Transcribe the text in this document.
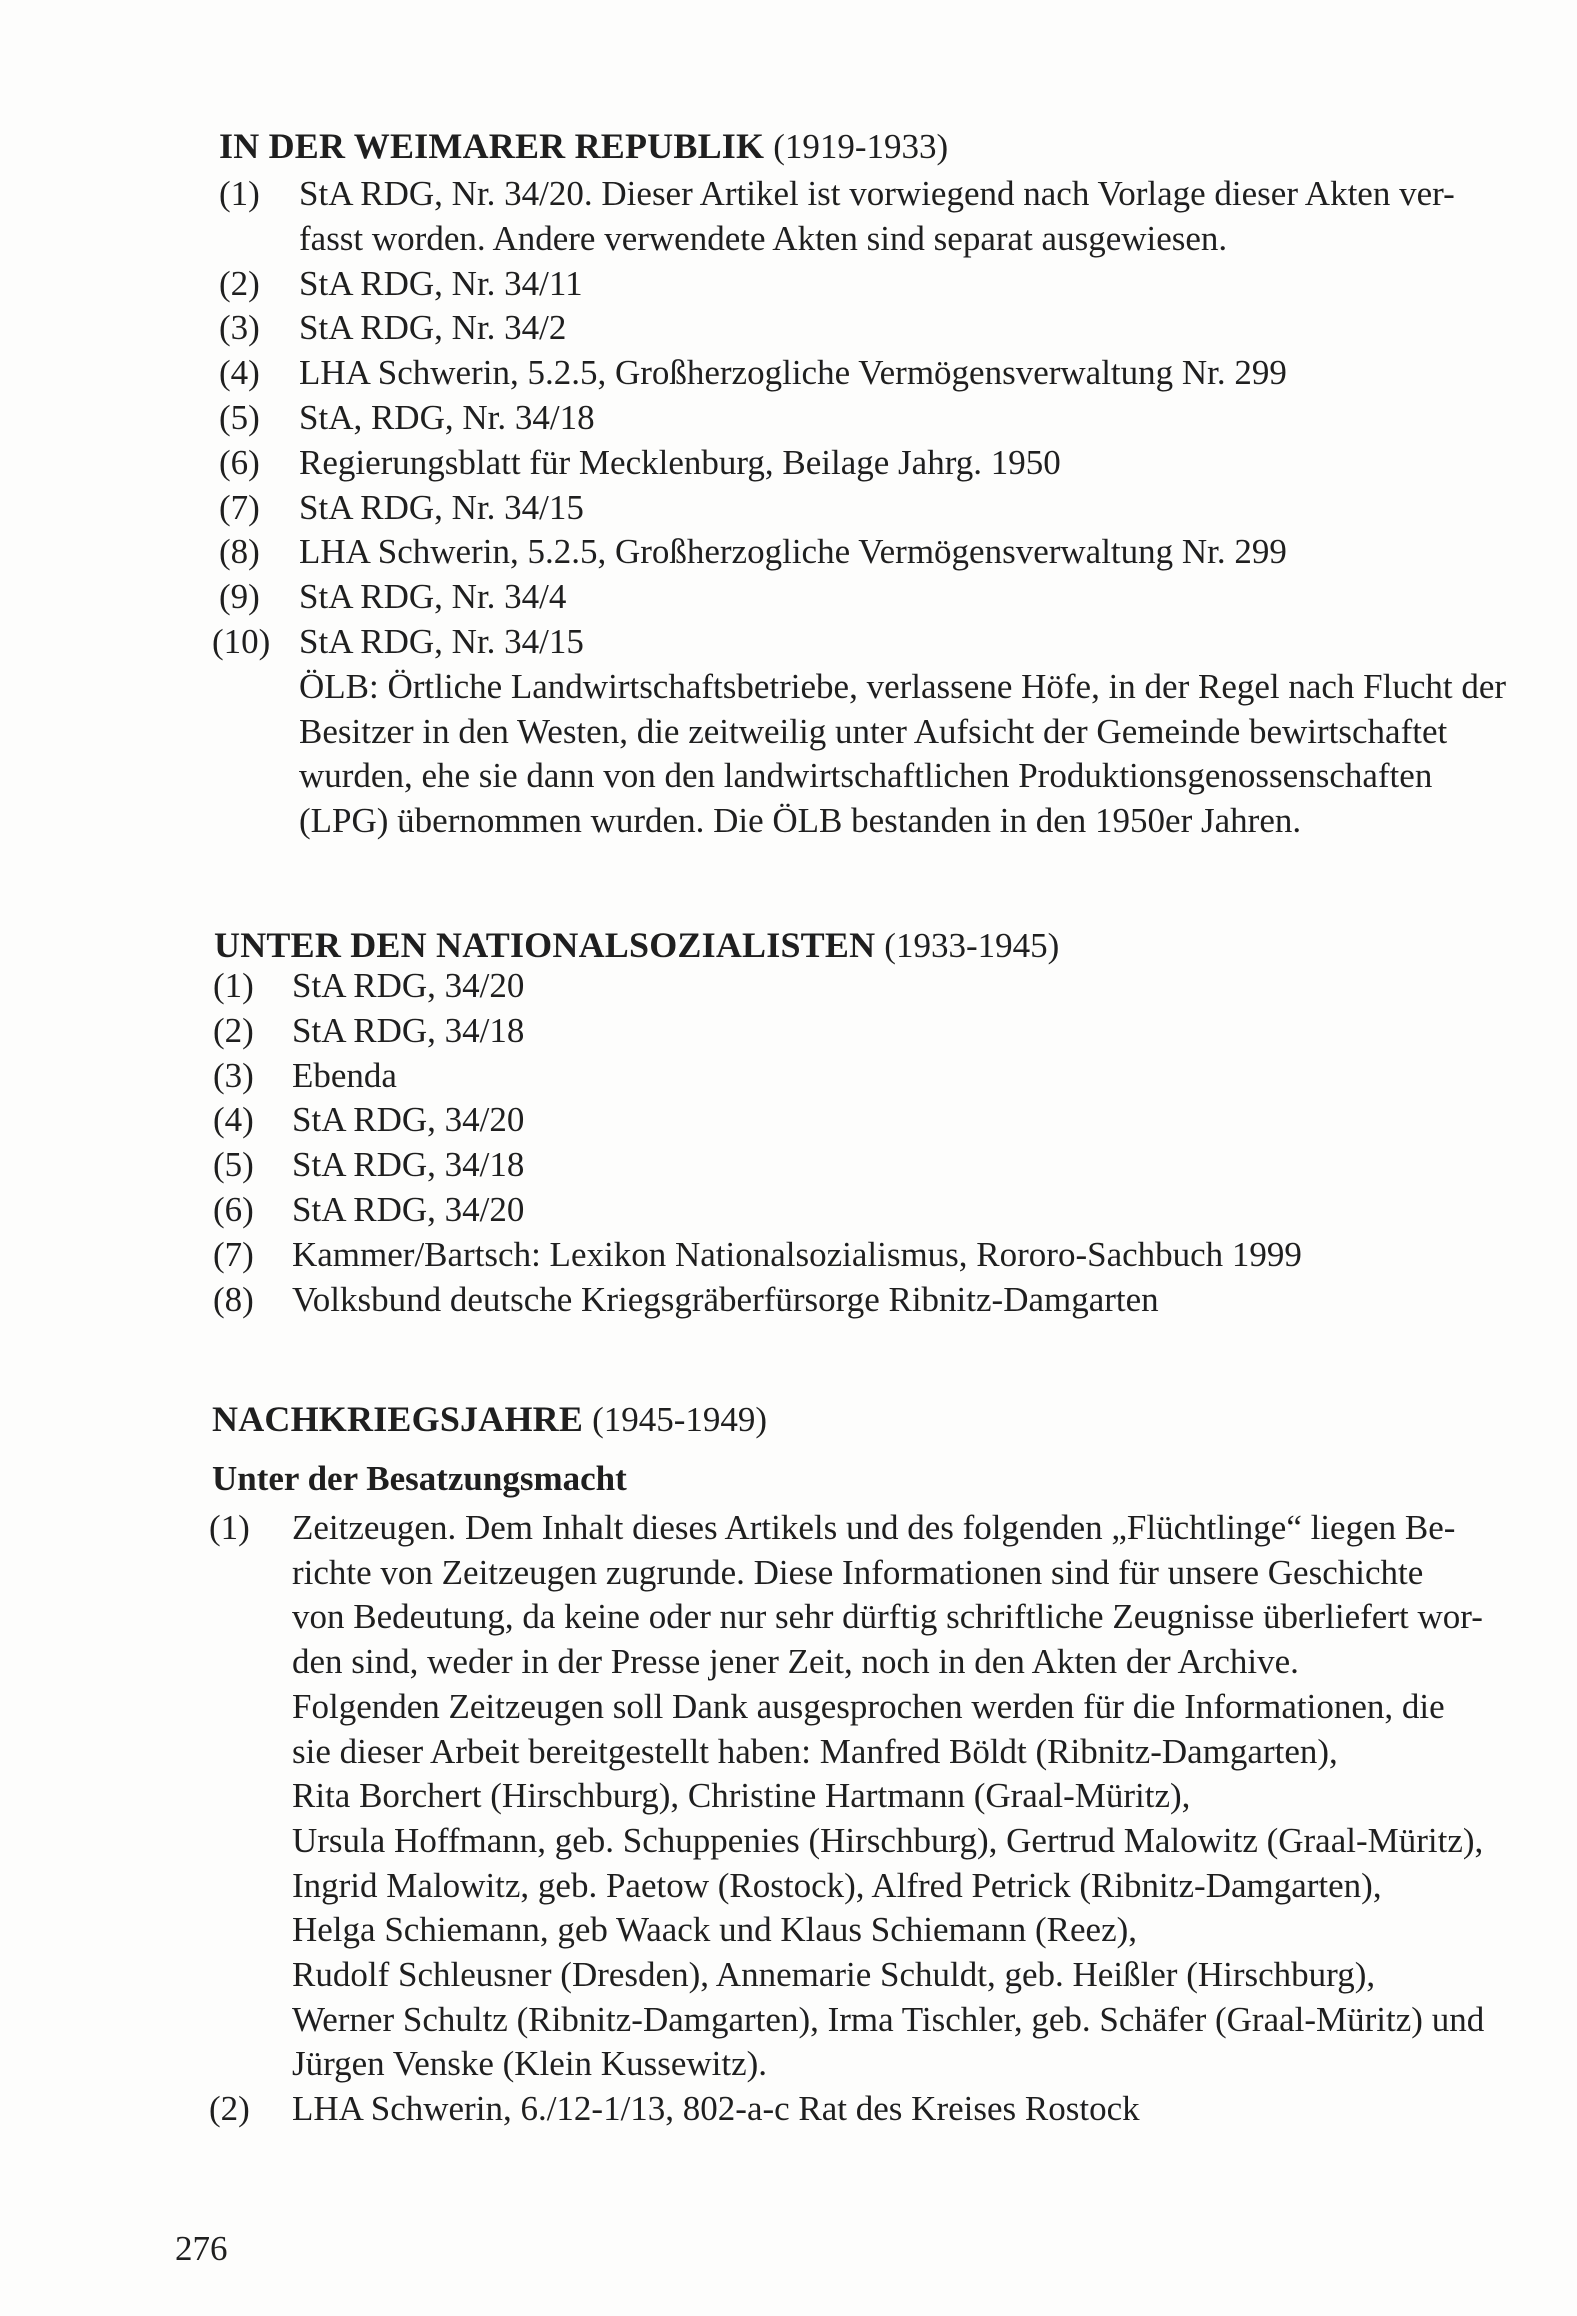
IN DER WEIMARER REPUBLIK (1919-1933)
(1)	StA RDG, Nr. 34/20. Dieser Artikel ist vorwiegend nach Vorlage dieser Akten ver-
fasst worden. Andere verwendete Akten sind separat ausgewiesen.
(2)	StA RDG, Nr. 34/11
(3)	StA RDG, Nr. 34/2
(4)	LHA Schwerin, 5.2.5, Großherzogliche Vermögensverwaltung Nr. 299
(5)	StA, RDG, Nr. 34/18
(6)	Regierungsblatt für Mecklenburg, Beilage Jahrg. 1950
(7)	StA RDG, Nr. 34/15
(8)	LHA Schwerin, 5.2.5, Großherzogliche Vermögensverwaltung Nr. 299
(9)	StA RDG, Nr. 34/4
(10) StA RDG, Nr. 34/15
ÖLB: Örtliche Landwirtschaftsbetriebe, verlassene Höfe, in der Regel nach Flucht der
Besitzer in den Westen, die zeitweilig unter Aufsicht der Gemeinde bewirtschaftet
wurden, ehe sie dann von den landwirtschaftlichen Produktionsgenossenschaften
(LPG) übernommen wurden. Die ÖLB bestanden in den 1950er Jahren.
UNTER DEN NATIONALSOZIALISTEN (1933-1945)
(1)	StA RDG, 34/20
(2)	StA RDG, 34/18
(3)	Ebenda
(4)	StA RDG, 34/20
(5)	StA RDG, 34/18
(6)	StA RDG, 34/20
(7)	Kammer/Bartsch: Lexikon Nationalsozialismus, Rororo-Sachbuch 1999
(8)	Volksbund deutsche Kriegsgräberfürsorge Ribnitz-Damgarten
NACHKRIEGSJAHRE (1945-1949)
Unter der Besatzungsmacht
(1)	Zeitzeugen. Dem Inhalt dieses Artikels und des folgenden „Flüchtlinge“ liegen Be-
richte von Zeitzeugen zugrunde. Diese Informationen sind für unsere Geschichte
von Bedeutung, da keine oder nur sehr dürftig schriftliche Zeugnisse überliefert wor-
den sind, weder in der Presse jener Zeit, noch in den Akten der Archive.
Folgenden Zeitzeugen soll Dank ausgesprochen werden für die Informationen, die
sie dieser Arbeit bereitgestellt haben: Manfred Böldt (Ribnitz-Damgarten),
Rita Borchert (Hirschburg), Christine Hartmann (Graal-Müritz),
Ursula Hoffmann, geb. Schuppenies (Hirschburg), Gertrud Malowitz (Graal-Müritz),
Ingrid Malowitz, geb. Paetow (Rostock), Alfred Petrick (Ribnitz-Damgarten),
Helga Schiemann, geb Waack und Klaus Schiemann (Reez),
Rudolf Schleusner (Dresden), Annemarie Schuldt, geb. Heißler (Hirschburg),
Werner Schultz (Ribnitz-Damgarten), Irma Tischler, geb. Schäfer (Graal-Müritz) und
Jürgen Venske (Klein Kussewitz).
(2)	LHA Schwerin, 6./12-1/13, 802-a-c Rat des Kreises Rostock
276
